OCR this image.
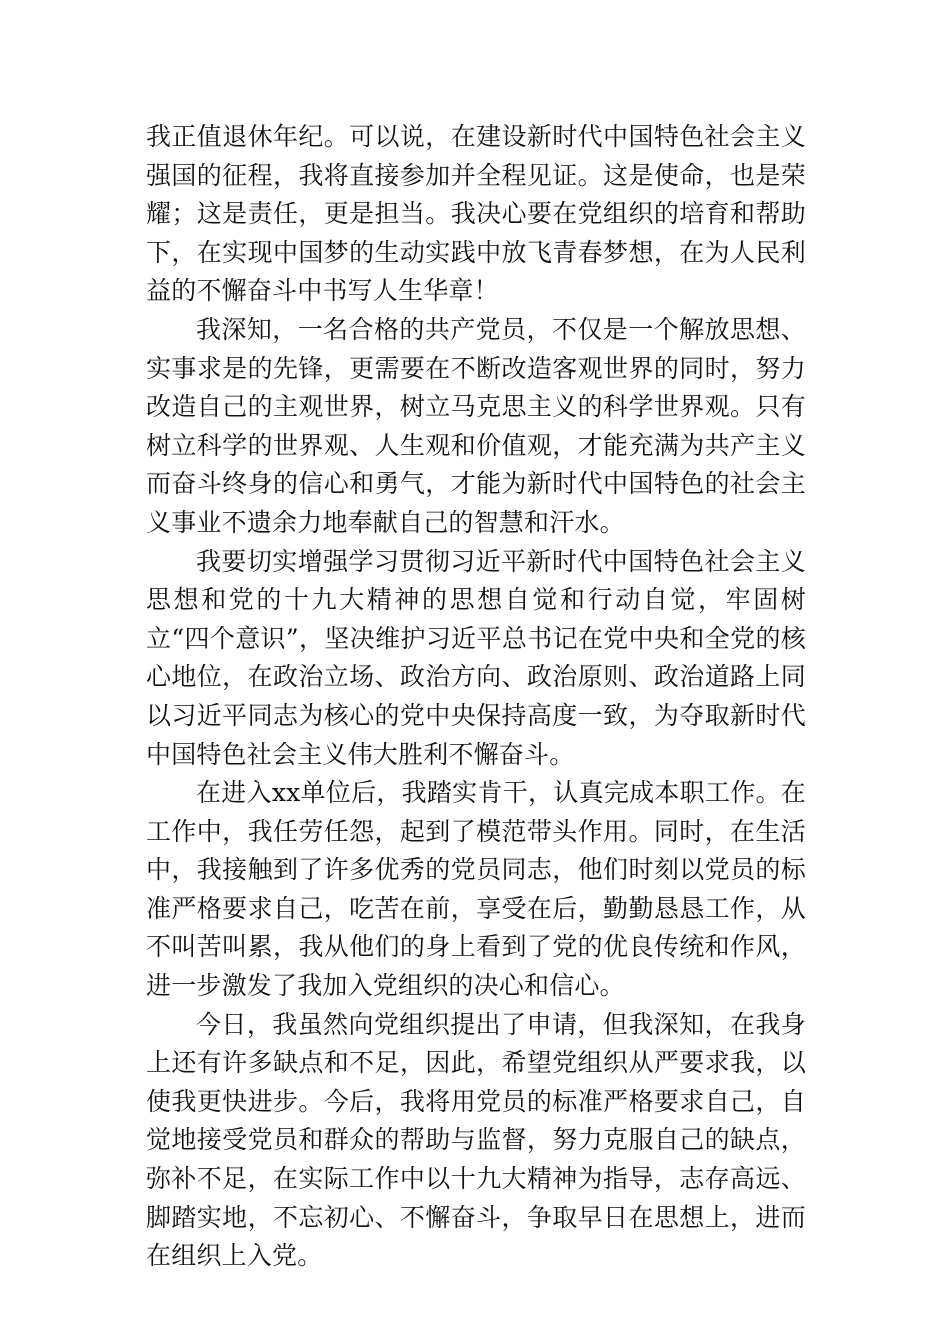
我正值退休年纪。可以说，在建设新时代中国特色社会主义强国的征程，我将直接参加并全程见证。这是使命，也是荣耀；这是责任，更是担当。我决心要在党组织的培育和帮助下，在实现中国梦的生动实践中放飞青春梦想，在为人民利益的不懈奋斗中书写人生华章！

我深知，一名合格的共产党员，不仅是一个解放思想、实事求是的先锋，更需要在不断改造客观世界的同时，努力改造自己的主观世界，树立马克思主义的科学世界观。只有树立科学的世界观、人生观和价值观，才能充满为共产主义而奋斗终身的信心和勇气，才能为新时代中国特色的社会主义事业不遗余力地奉献自己的智慧和汗水。

我要切实增强学习贯彻习近平新时代中国特色社会主义思想和党的十九大精神的思想自觉和行动自觉，牢固树立“四个意识”，坚决维护习近平总书记在党中央和全党的核心地位，在政治立场、政治方向、政治原则、政治道路上同以习近平同志为核心的党中央保持高度一致，为夺取新时代中国特色社会主义伟大胜利不懈奋斗。

在进入xx单位后，我踏实肯干，认真完成本职工作。在工作中，我任劳任怨，起到了模范带头作用。同时，在生活中，我接触到了许多优秀的党员同志，他们时刻以党员的标准严格要求自己，吃苦在前，享受在后，勤勤恳恳工作，从不叫苦叫累，我从他们的身上看到了党的优良传统和作风，进一步激发了我加入党组织的决心和信心。

今日，我虽然向党组织提出了申请，但我深知，在我身上还有许多缺点和不足，因此，希望党组织从严要求我，以使我更快进步。今后，我将用党员的标准严格要求自己，自觉地接受党员和群众的帮助与监督，努力克服自己的缺点，弥补不足，在实际工作中以十九大精神为指导，志存高远、脚踏实地，不忘初心、不懈奋斗，争取早日在思想上，进而在组织上入党。
